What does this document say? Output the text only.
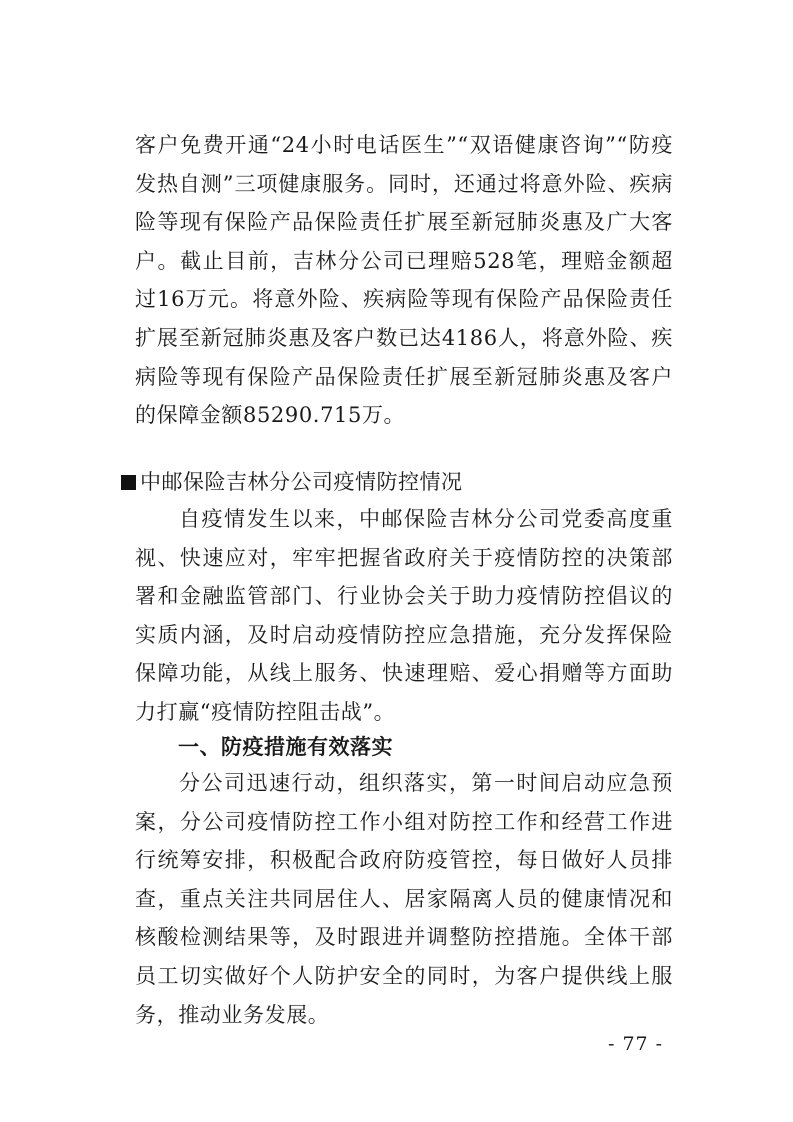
客户免费开通“24小时电话医生”“双语健康咨询”“防疫发热自测”三项健康服务。同时，还通过将意外险、疾病险等现有保险产品保险责任扩展至新冠肺炎惠及广大客户。截止目前，吉林分公司已理赔528笔，理赔金额超过16万元。将意外险、疾病险等现有保险产品保险责任扩展至新冠肺炎惠及客户数已达4186人，将意外险、疾病险等现有保险产品保险责任扩展至新冠肺炎惠及客户的保障金额85290.715万。

中邮保险吉林分公司疫情防控情况

自疫情发生以来，中邮保险吉林分公司党委高度重视、快速应对，牢牢把握省政府关于疫情防控的决策部署和金融监管部门、行业协会关于助力疫情防控倡议的实质内涵，及时启动疫情防控应急措施，充分发挥保险保障功能，从线上服务、快速理赔、爱心捐赠等方面助力打赢“疫情防控阻击战”。

一、防疫措施有效落实

分公司迅速行动，组织落实，第一时间启动应急预案，分公司疫情防控工作小组对防控工作和经营工作进行统筹安排，积极配合政府防疫管控，每日做好人员排查，重点关注共同居住人、居家隔离人员的健康情况和核酸检测结果等，及时跟进并调整防控措施。全体干部员工切实做好个人防护安全的同时，为客户提供线上服务，推动业务发展。

- 77 -
